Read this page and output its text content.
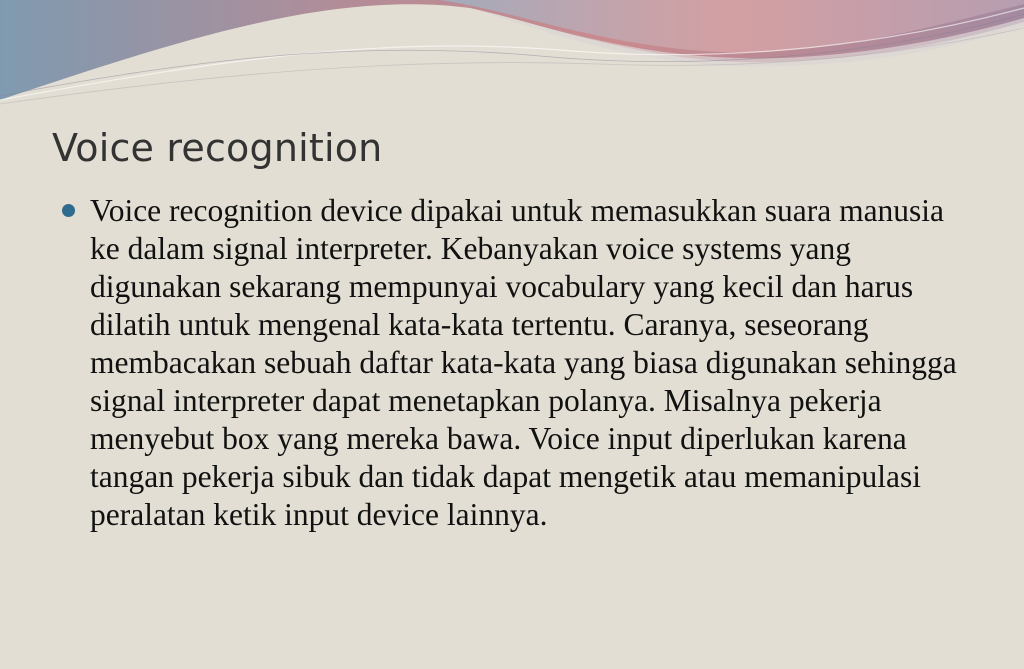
Voice recognition

Voice recognition device dipakai untuk memasukkan suara manusia ke dalam signal interpreter. Kebanyakan voice systems yang digunakan sekarang mempunyai vocabulary yang kecil dan harus dilatih untuk mengenal kata-kata tertentu. Caranya, seseorang membacakan sebuah daftar kata-kata yang biasa digunakan sehingga signal interpreter dapat menetapkan polanya. Misalnya pekerja menyebut box yang mereka bawa. Voice input diperlukan karena tangan pekerja sibuk dan tidak dapat mengetik atau memanipulasi peralatan ketik input device lainnya.
